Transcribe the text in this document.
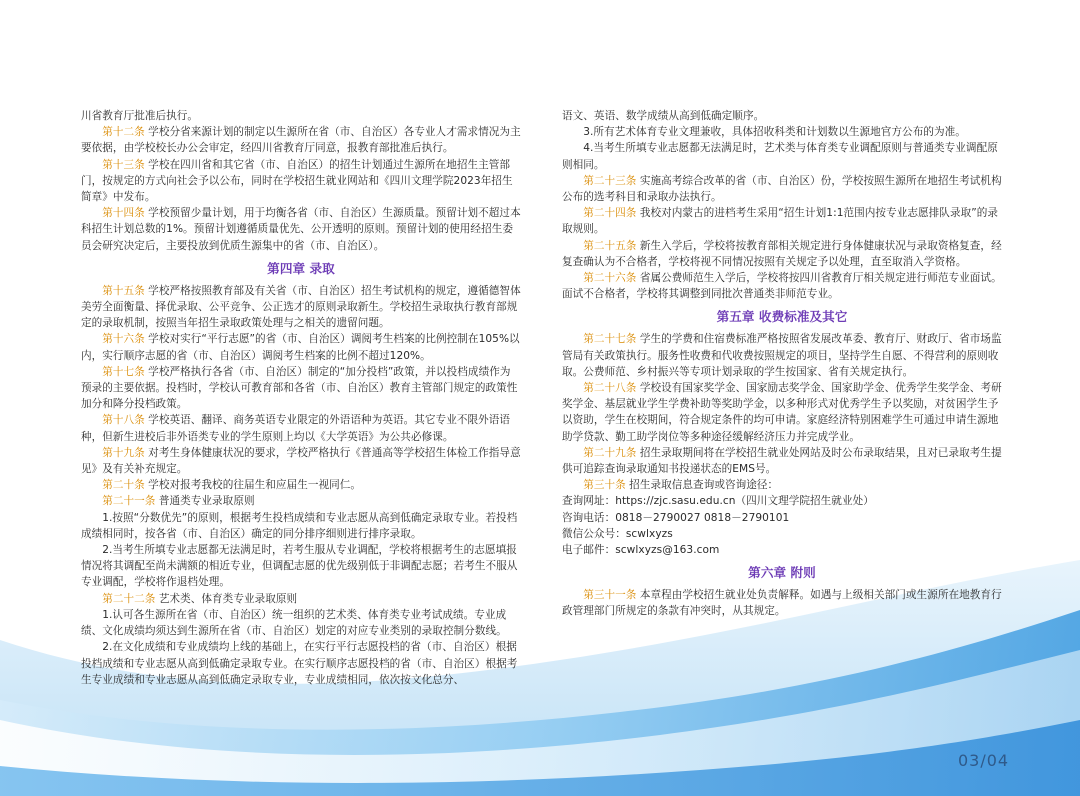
川省教育厅批准后执行。

第十二条 学校分省来源计划的制定以生源所在省（市、自治区）各专业人才需求情况为主要依据，由学校校长办公会审定，经四川省教育厅同意，报教育部批准后执行。

第十三条 学校在四川省和其它省（市、自治区）的招生计划通过生源所在地招生主管部门，按规定的方式向社会予以公布，同时在学校招生就业网站和《四川文理学院2023年招生简章》中发布。

第十四条 学校预留少量计划，用于均衡各省（市、自治区）生源质量。预留计划不超过本科招生计划总数的1%。预留计划遵循质量优先、公开透明的原则。预留计划的使用经招生委员会研究决定后，主要投放到优质生源集中的省（市、自治区）。

第四章 录取

第十五条 学校严格按照教育部及有关省（市、自治区）招生考试机构的规定，遵循德智体美劳全面衡量、择优录取、公平竞争、公正选才的原则录取新生。学校招生录取执行教育部规定的录取机制，按照当年招生录取政策处理与之相关的遗留问题。

第十六条 学校对实行“平行志愿”的省（市、自治区）调阅考生档案的比例控制在105%以内，实行顺序志愿的省（市、自治区）调阅考生档案的比例不超过120%。

第十七条 学校严格执行各省（市、自治区）制定的“加分投档”政策，并以投档成绩作为预录的主要依据。投档时，学校认可教育部和各省（市、自治区）教育主管部门规定的政策性加分和降分投档政策。

第十八条 学校英语、翻译、商务英语专业限定的外语语种为英语。其它专业不限外语语种，但新生进校后非外语类专业的学生原则上均以《大学英语》为公共必修课。

第十九条 对考生身体健康状况的要求，学校严格执行《普通高等学校招生体检工作指导意见》及有关补充规定。

第二十条 学校对报考我校的往届生和应届生一视同仁。

第二十一条 普通类专业录取原则

1.按照“分数优先”的原则，根据考生投档成绩和专业志愿从高到低确定录取专业。若投档成绩相同时，按各省（市、自治区）确定的同分排序细则进行排序录取。

2.当考生所填专业志愿都无法满足时，若考生服从专业调配，学校将根据考生的志愿填报情况将其调配至尚未满额的相近专业，但调配志愿的优先级别低于非调配志愿；若考生不服从专业调配，学校将作退档处理。

第二十二条 艺术类、体育类专业录取原则

1.认可各生源所在省（市、自治区）统一组织的艺术类、体育类专业考试成绩。专业成绩、文化成绩均须达到生源所在省（市、自治区）划定的对应专业类别的录取控制分数线。

2.在文化成绩和专业成绩均上线的基础上，在实行平行志愿投档的省（市、自治区）根据投档成绩和专业志愿从高到低确定录取专业。在实行顺序志愿投档的省（市、自治区）根据考生专业成绩和专业志愿从高到低确定录取专业，专业成绩相同，依次按文化总分、

语文、英语、数学成绩从高到低确定顺序。

3.所有艺术体育专业文理兼收，具体招收科类和计划数以生源地官方公布的为准。

4.当考生所填专业志愿都无法满足时，艺术类与体育类专业调配原则与普通类专业调配原则相同。

第二十三条 实施高考综合改革的省（市、自治区）份，学校按照生源所在地招生考试机构公布的选考科目和录取办法执行。

第二十四条 我校对内蒙古的进档考生采用“招生计划1:1范围内按专业志愿排队录取”的录取规则。

第二十五条 新生入学后，学校将按教育部相关规定进行身体健康状况与录取资格复查，经复查确认为不合格者，学校将视不同情况按照有关规定予以处理，直至取消入学资格。

第二十六条 省属公费师范生入学后，学校将按四川省教育厅相关规定进行师范专业面试。面试不合格者，学校将其调整到同批次普通类非师范专业。

第五章 收费标准及其它

第二十七条 学生的学费和住宿费标准严格按照省发展改革委、教育厅、财政厅、省市场监管局有关政策执行。服务性收费和代收费按照规定的项目，坚持学生自愿、不得营利的原则收取。公费师范、乡村振兴等专项计划录取的学生按国家、省有关规定执行。

第二十八条 学校设有国家奖学金、国家励志奖学金、国家助学金、优秀学生奖学金、考研奖学金、基层就业学生学费补助等奖助学金，以多种形式对优秀学生予以奖励，对贫困学生予以资助，学生在校期间，符合规定条件的均可申请。家庭经济特别困难学生可通过申请生源地助学贷款、勤工助学岗位等多种途径缓解经济压力并完成学业。

第二十九条 招生录取期间将在学校招生就业处网站及时公布录取结果，且对已录取考生提供可追踪查询录取通知书投递状态的EMS号。

第三十条 招生录取信息查询或咨询途径：

查询网址：https://zjc.sasu.edu.cn（四川文理学院招生就业处）

咨询电话：0818－2790027 0818－2790101

微信公众号：scwlxyzs

电子邮件：scwlxyzs@163.com

第六章 附则

第三十一条 本章程由学校招生就业处负责解释。如遇与上级相关部门或生源所在地教育行政管理部门所规定的条款有冲突时，从其规定。

03/04
